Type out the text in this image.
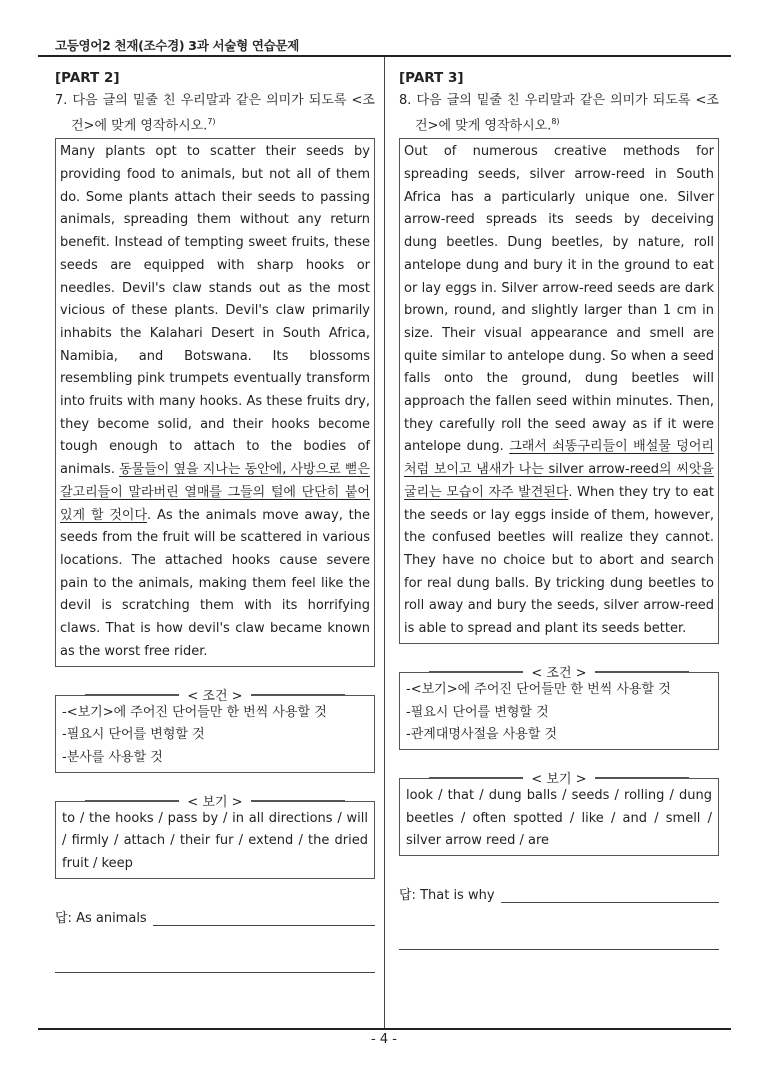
고등영어2 천재(조수경) 3과 서술형 연습문제
[PART 2]
7. 다음 글의 밑줄 친 우리말과 같은 의미가 되도록 <조건>에 맞게 영작하시오.$^{7)}$
Many plants opt to scatter their seeds by providing food to animals, but not all of them do. Some plants attach their seeds to passing animals, spreading them without any return benefit. Instead of tempting sweet fruits, these seeds are equipped with sharp hooks or needles. Devil's claw stands out as the most vicious of these plants. Devil's claw primarily inhabits the Kalahari Desert in South Africa, Namibia, and Botswana. Its blossoms resembling pink trumpets eventually transform into fruits with many hooks. As these fruits dry, they become solid, and their hooks become tough enough to attach to the bodies of animals. 동물들이 옆을 지나는 동안에, 사방으로 뻗은 갈고리들이 말라버린 열매를 그들의 털에 단단히 붙어 있게 할 것이다. As the animals move away, the seeds from the fruit will be scattered in various locations. The attached hooks cause severe pain to the animals, making them feel like the devil is scratching them with its horrifying claws. That is how devil's claw became known as the worst free rider.
-<보기>에 주어진 단어들만 한 번씩 사용할 것
-필요시 단어를 변형할 것
-분사를 사용할 것
< 조건 >
to / the hooks / pass by / in all directions / will / firmly / attach / their fur / extend / the dried fruit / keep
< 보기 >
답: As animals
[PART 3]
8. 다음 글의 밑줄 친 우리말과 같은 의미가 되도록 <조건>에 맞게 영작하시오.$^{8)}$
Out of numerous creative methods for spreading seeds, silver arrow-reed in South Africa has a particularly unique one. Silver arrow-reed spreads its seeds by deceiving dung beetles. Dung beetles, by nature, roll antelope dung and bury it in the ground to eat or lay eggs in. Silver arrow-reed seeds are dark brown, round, and slightly larger than 1 cm in size. Their visual appearance and smell are quite similar to antelope dung. So when a seed falls onto the ground, dung beetles will approach the fallen seed within minutes. Then, they carefully roll the seed away as if it were antelope dung. 그래서 쇠똥구리들이 배설물 덩어리처럼 보이고 냄새가 나는 silver arrow-reed의 씨앗을 굴리는 모습이 자주 발견된다. When they try to eat the seeds or lay eggs inside of them, however, the confused beetles will realize they cannot. They have no choice but to abort and search for real dung balls. By tricking dung beetles to roll away and bury the seeds, silver arrow-reed is able to spread and plant its seeds better.
-<보기>에 주어진 단어들만 한 번씩 사용할 것
-필요시 단어를 변형할 것
-관계대명사절을 사용할 것
< 조건 >
look / that / dung balls / seeds / rolling / dung beetles / often spotted / like / and / smell / silver arrow reed / are
< 보기 >
답: That is why
- 4 -
